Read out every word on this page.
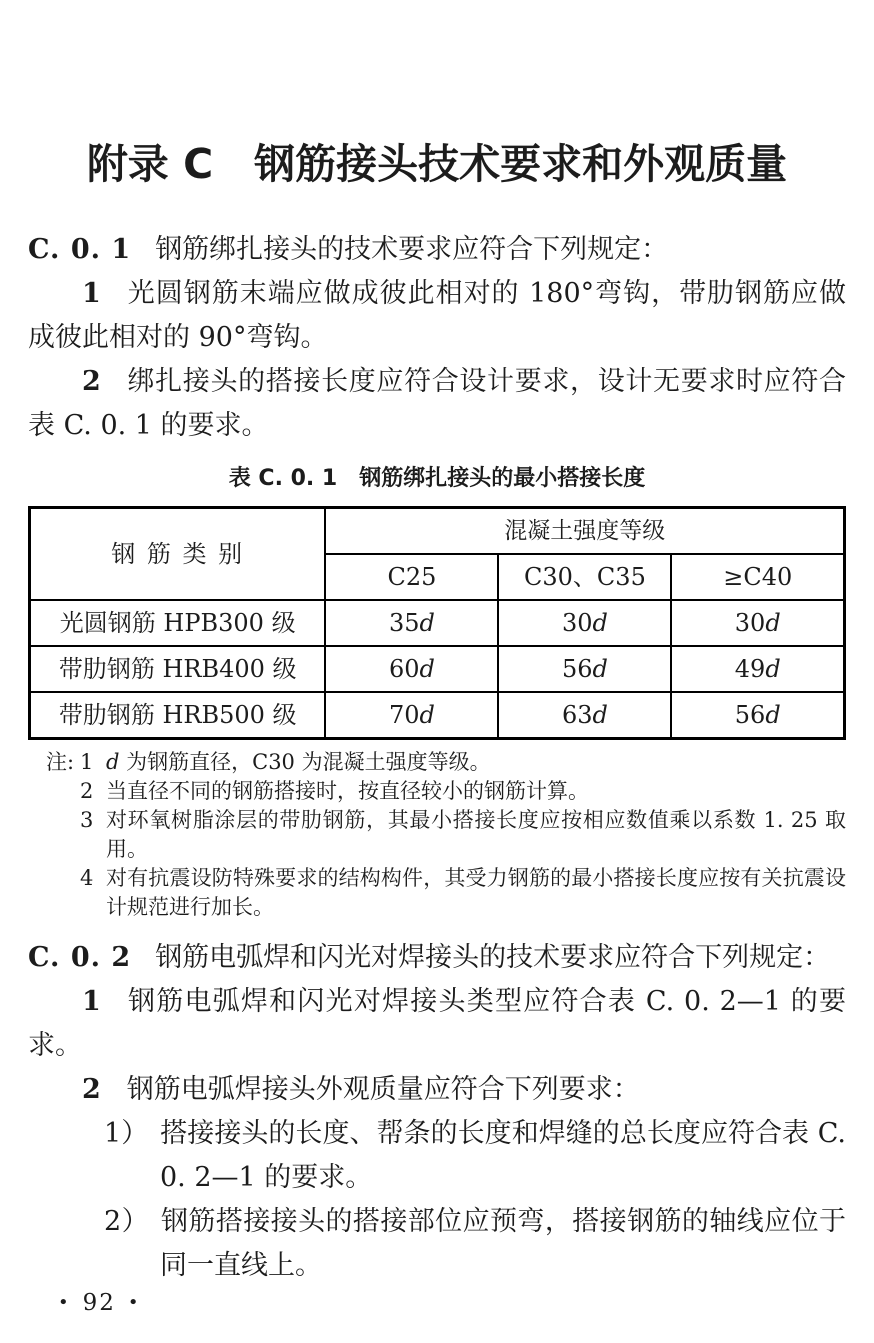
附录 C　钢筋接头技术要求和外观质量

C. 0. 1 钢筋绑扎接头的技术要求应符合下列规定：

1 光圆钢筋末端应做成彼此相对的 180°弯钩，带肋钢筋应做成彼此相对的 90°弯钩。

2 绑扎接头的搭接长度应符合设计要求，设计无要求时应符合表 C. 0. 1 的要求。

表 C. 0. 1　钢筋绑扎接头的最小搭接长度
钢 筋 类 别	混凝土强度等级		
	C25	C30、C35	≥C40
光圆钢筋 HPB300 级	35d	30d	30d
带肋钢筋 HRB400 级	60d	56d	49d
带肋钢筋 HRB500 级	70d	63d	56d
注: 1 d 为钢筋直径，C30 为混凝土强度等级。
2 当直径不同的钢筋搭接时，按直径较小的钢筋计算。
3 对环氧树脂涂层的带肋钢筋，其最小搭接长度应按相应数值乘以系数 1. 25 取用。
4 对有抗震设防特殊要求的结构构件，其受力钢筋的最小搭接长度应按有关抗震设计规范进行加长。

C. 0. 2 钢筋电弧焊和闪光对焊接头的技术要求应符合下列规定：

1 钢筋电弧焊和闪光对焊接头类型应符合表 C. 0. 2—1 的要求。

2 钢筋电弧焊接头外观质量应符合下列要求：

1） 搭接接头的长度、帮条的长度和焊缝的总长度应符合表 C. 0. 2—1 的要求。

2） 钢筋搭接接头的搭接部位应预弯，搭接钢筋的轴线应位于同一直线上。

• 92 •
